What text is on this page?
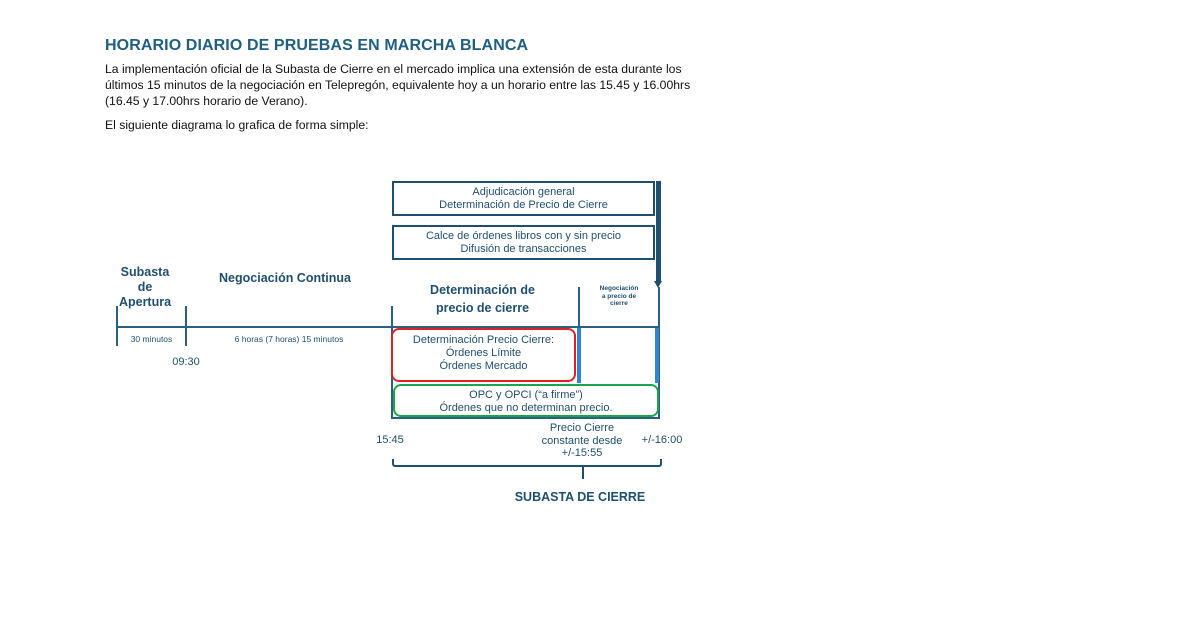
HORARIO DIARIO DE PRUEBAS EN MARCHA BLANCA
La implementación oficial de la Subasta de Cierre en el mercado implica una extensión de esta durante los últimos 15 minutos de la negociación en Telepregón, equivalente hoy a un horario entre las 15.45 y 16.00hrs (16.45 y 17.00hrs horario de Verano).
El siguiente diagrama lo grafica de forma simple:
Adjudicación general
Determinación de Precio de Cierre
Calce de órdenes libros con y sin precio
Difusión de transacciones
Subasta
de
Apertura
Negociación Continua
Determinación de
precio de cierre
Negociación
a precio de
cierre
30 minutos	6 horas (7 horas) 15 minutos
09:30
Determinación Precio Cierre:
Órdenes Límite
Órdenes Mercado
OPC y OPCI (“a firme”)
Órdenes que no determinan precio.
15:45
Precio Cierre
constante desde
+/-15:55
+/-16:00
SUBASTA DE CIERRE
